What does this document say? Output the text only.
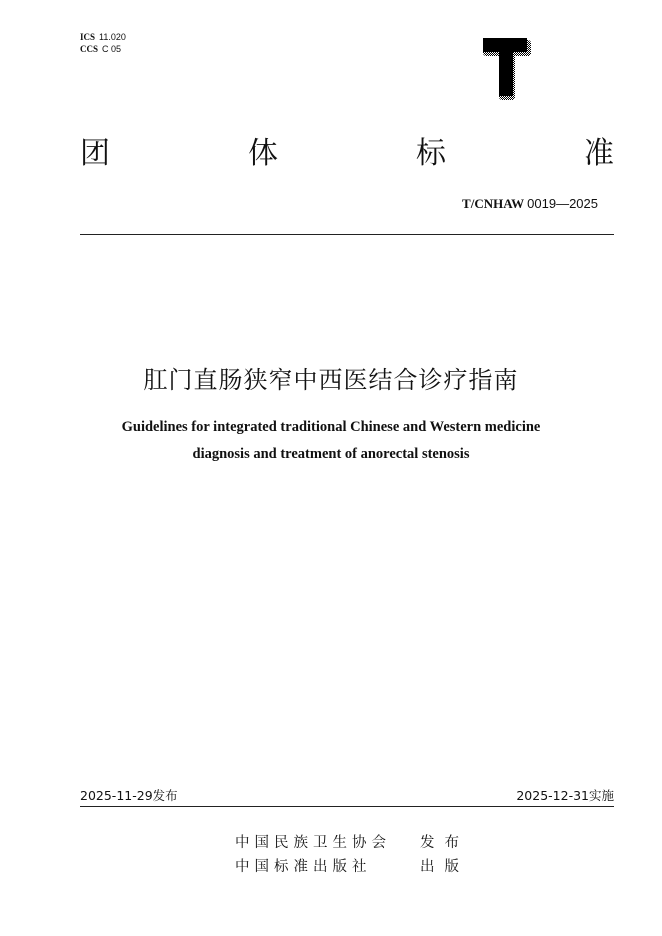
ICS 11.020
CCS C 05
团	体	标	准
T/CNHAW 0019—2025
肛门直肠狭窄中西医结合诊疗指南
Guidelines for integrated traditional Chinese and Western medicine
diagnosis and treatment of anorectal stenosis
2025-11-29发布	2025-12-31实施
中国民族卫生协会 发布
中国标准出版社	出版
